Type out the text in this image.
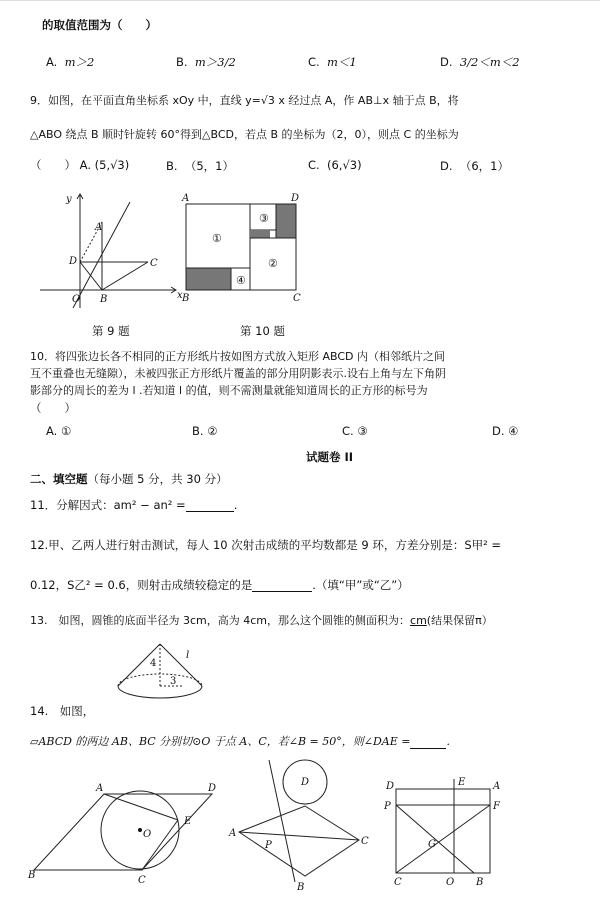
的取值范围为（　　）
A. m＞2	B. m＞3/2	C. m＜1	D. 3/2＜m＜2
9．如图，在平面直角坐标系 xOy 中，直线 y=√3 x 经过点 A，作 AB⊥x 轴于点 B，将
△ABO 绕点 B 顺时针旋转 60°得到△BCD，若点 B 的坐标为（2，0），则点 C 的坐标为
（　　） A. (5,√3)	B. （5，1）	C. (6,√3)	D. （6，1）
y
A
D	C
O B	x
A	D
B	C
①
③
②
④
第 9 题	第 10 题
10．将四张边长各不相同的正方形纸片按如图方式放入矩形 ABCD 内（相邻纸片之间
互不重叠也无缝隙），未被四张正方形纸片覆盖的部分用阴影表示.设右上角与左下角阴
影部分的周长的差为 l .若知道 l 的值，则不需测量就能知道周长的正方形的标号为
（　　）
A. ①	B. ②	C. ③	D. ④
试题卷 II
二、填空题（每小题 5 分，共 30 分）
11．分解因式：am² − an² =	.
12.甲、乙两人进行射击测试，每人 10 次射击成绩的平均数都是 9 环，方差分别是：S甲² =
0.12，S乙² = 0.6，则射击成绩较稳定的是	.（填“甲”或“乙”）
13.　如图，圆锥的底面半径为 3cm，高为 4cm，那么这个圆锥的侧面积为：cm(结果保留π）
4
3
l
14.　如图，
▱ABCD 的两边 AB、BC 分别切⊙O 于点 A、C，若∠B = 50°，则∠DAE =	.
A	D
O
E
B	C
D
A
P	C
B
D	E	A
P	F
G
C	O B
